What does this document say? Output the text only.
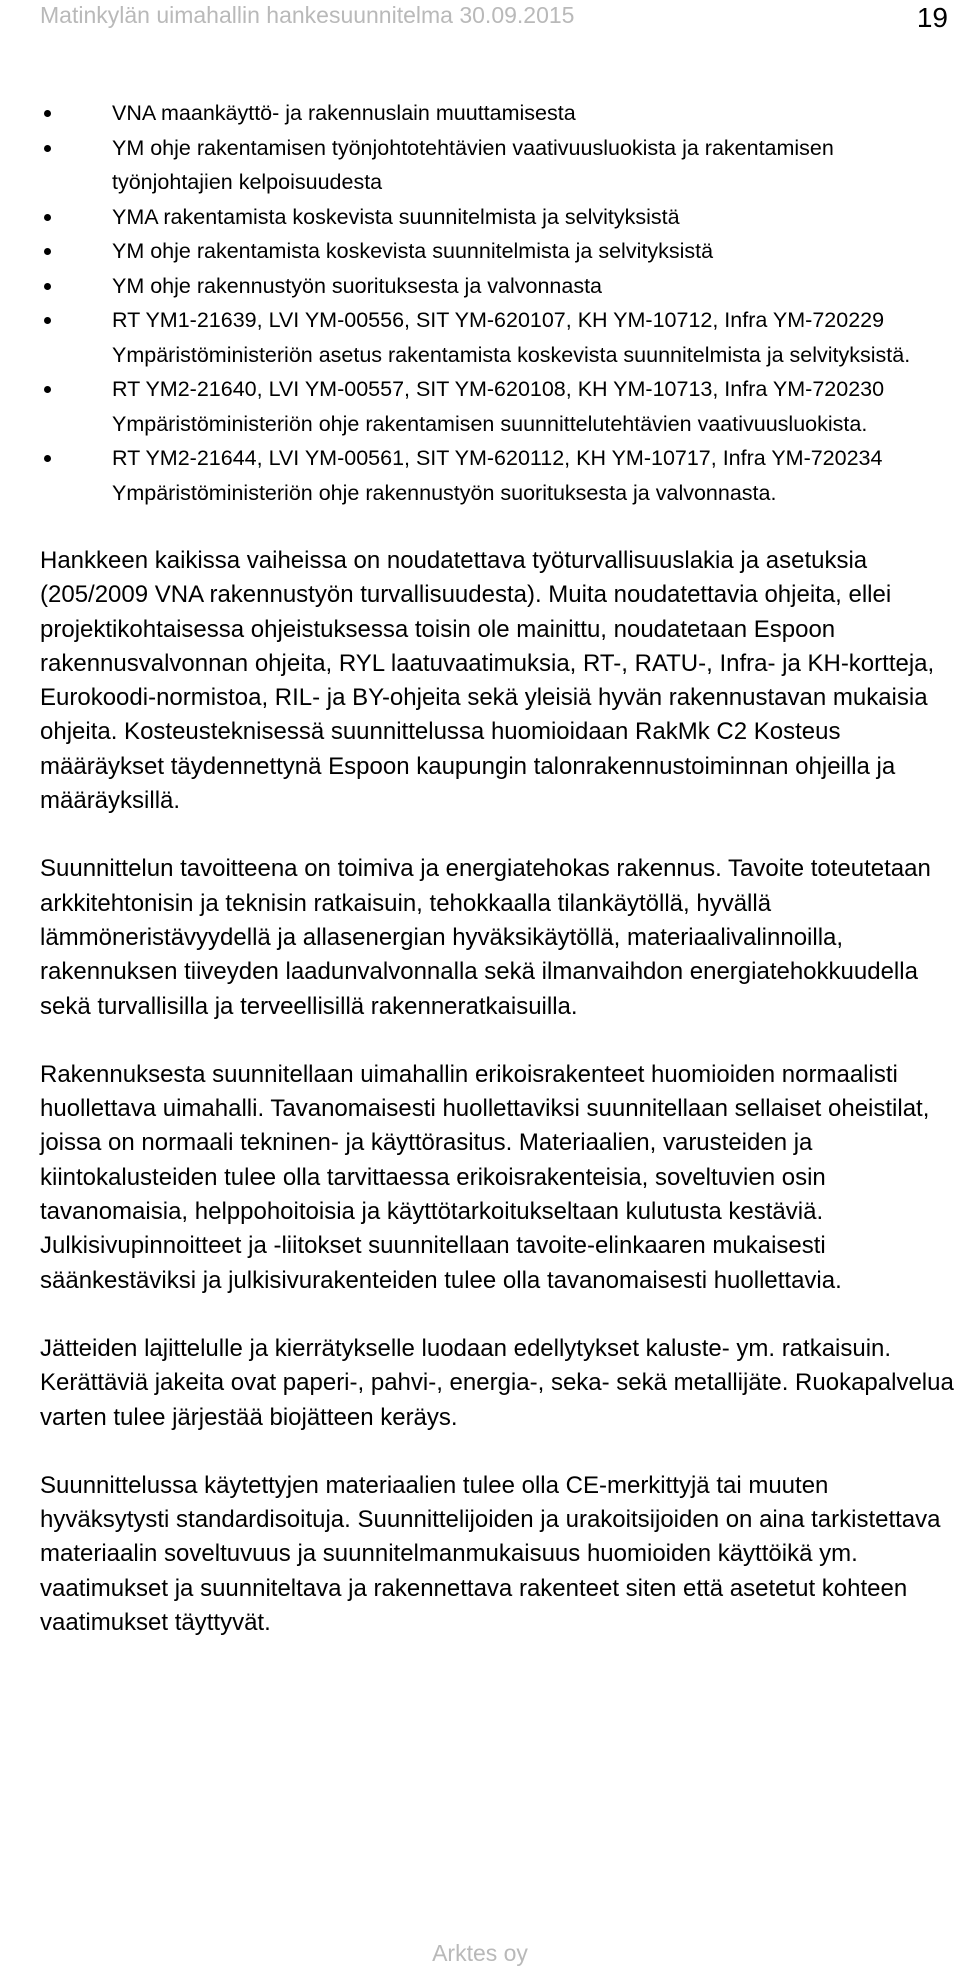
Matinkylän uimahallin hankesuunnitelma 30.09.2015	19
VNA maankäyttö- ja rakennuslain muuttamisesta
YM ohje rakentamisen työnjohtotehtävien vaativuusluokista ja rakentamisen työnjohtajien kelpoisuudesta
YMA rakentamista koskevista suunnitelmista ja selvityksistä
YM ohje rakentamista koskevista suunnitelmista ja selvityksistä
YM ohje rakennustyön suorituksesta ja valvonnasta
RT YM1-21639, LVI YM-00556, SIT YM-620107, KH YM-10712, Infra YM-720229 Ympäristöministeriön asetus rakentamista koskevista suunnitelmista ja selvityksistä.
RT YM2-21640, LVI YM-00557, SIT YM-620108, KH YM-10713, Infra YM-720230 Ympäristöministeriön ohje rakentamisen suunnittelutehtävien vaativuusluokista.
RT YM2-21644, LVI YM-00561, SIT YM-620112, KH YM-10717, Infra YM-720234 Ympäristöministeriön ohje rakennustyön suorituksesta ja valvonnasta.

Hankkeen kaikissa vaiheissa on noudatettava työturvallisuuslakia ja asetuksia (205/2009 VNA rakennustyön turvallisuudesta). Muita noudatettavia ohjeita, ellei projektikohtaisessa ohjeistuksessa toisin ole mainittu, noudatetaan Espoon rakennusvalvonnan ohjeita, RYL laatuvaatimuksia, RT-, RATU-, Infra- ja KH-kortteja, Eurokoodi-normistoa, RIL- ja BY-ohjeita sekä yleisiä hyvän rakennustavan mukaisia ohjeita. Kosteusteknisessä suunnittelussa huomioidaan RakMk C2 Kosteus määräykset täydennettynä Espoon kaupungin talonrakennustoiminnan ohjeilla ja määräyksillä.

Suunnittelun tavoitteena on toimiva ja energiatehokas rakennus. Tavoite toteutetaan arkkitehtonisin ja teknisin ratkaisuin, tehokkaalla tilankäytöllä, hyvällä lämmöneristävyydellä ja allasenergian hyväksikäytöllä, materiaalivalinnoilla, rakennuksen tiiveyden laadunvalvonnalla sekä ilmanvaihdon energiatehokkuudella sekä turvallisilla ja terveellisillä rakenneratkaisuilla.

Rakennuksesta suunnitellaan uimahallin erikoisrakenteet huomioiden normaalisti huollettava uimahalli. Tavanomaisesti huollettaviksi suunnitellaan sellaiset oheistilat, joissa on normaali tekninen- ja käyttörasitus. Materiaalien, varusteiden ja kiintokalusteiden tulee olla tarvittaessa erikoisrakenteisia, soveltuvien osin tavanomaisia, helppohoitoisia ja käyttötarkoitukseltaan kulutusta kestäviä. Julkisivupinnoitteet ja -liitokset suunnitellaan tavoite-elinkaaren mukaisesti säänkestäviksi ja julkisivurakenteiden tulee olla tavanomaisesti huollettavia.

Jätteiden lajittelulle ja kierrätykselle luodaan edellytykset kaluste- ym. ratkaisuin. Kerättäviä jakeita ovat paperi-, pahvi-, energia-, seka- sekä metallijäte. Ruokapalvelua varten tulee järjestää biojätteen keräys.

Suunnittelussa käytettyjen materiaalien tulee olla CE-merkittyjä tai muuten hyväksytysti standardisoituja. Suunnittelijoiden ja urakoitsijoiden on aina tarkistettava materiaalin soveltuvuus ja suunnitelmanmukaisuus huomioiden käyttöikä ym. vaatimukset ja suunniteltava ja rakennettava rakenteet siten että asetetut kohteen vaatimukset täyttyvät.

Arktes oy
